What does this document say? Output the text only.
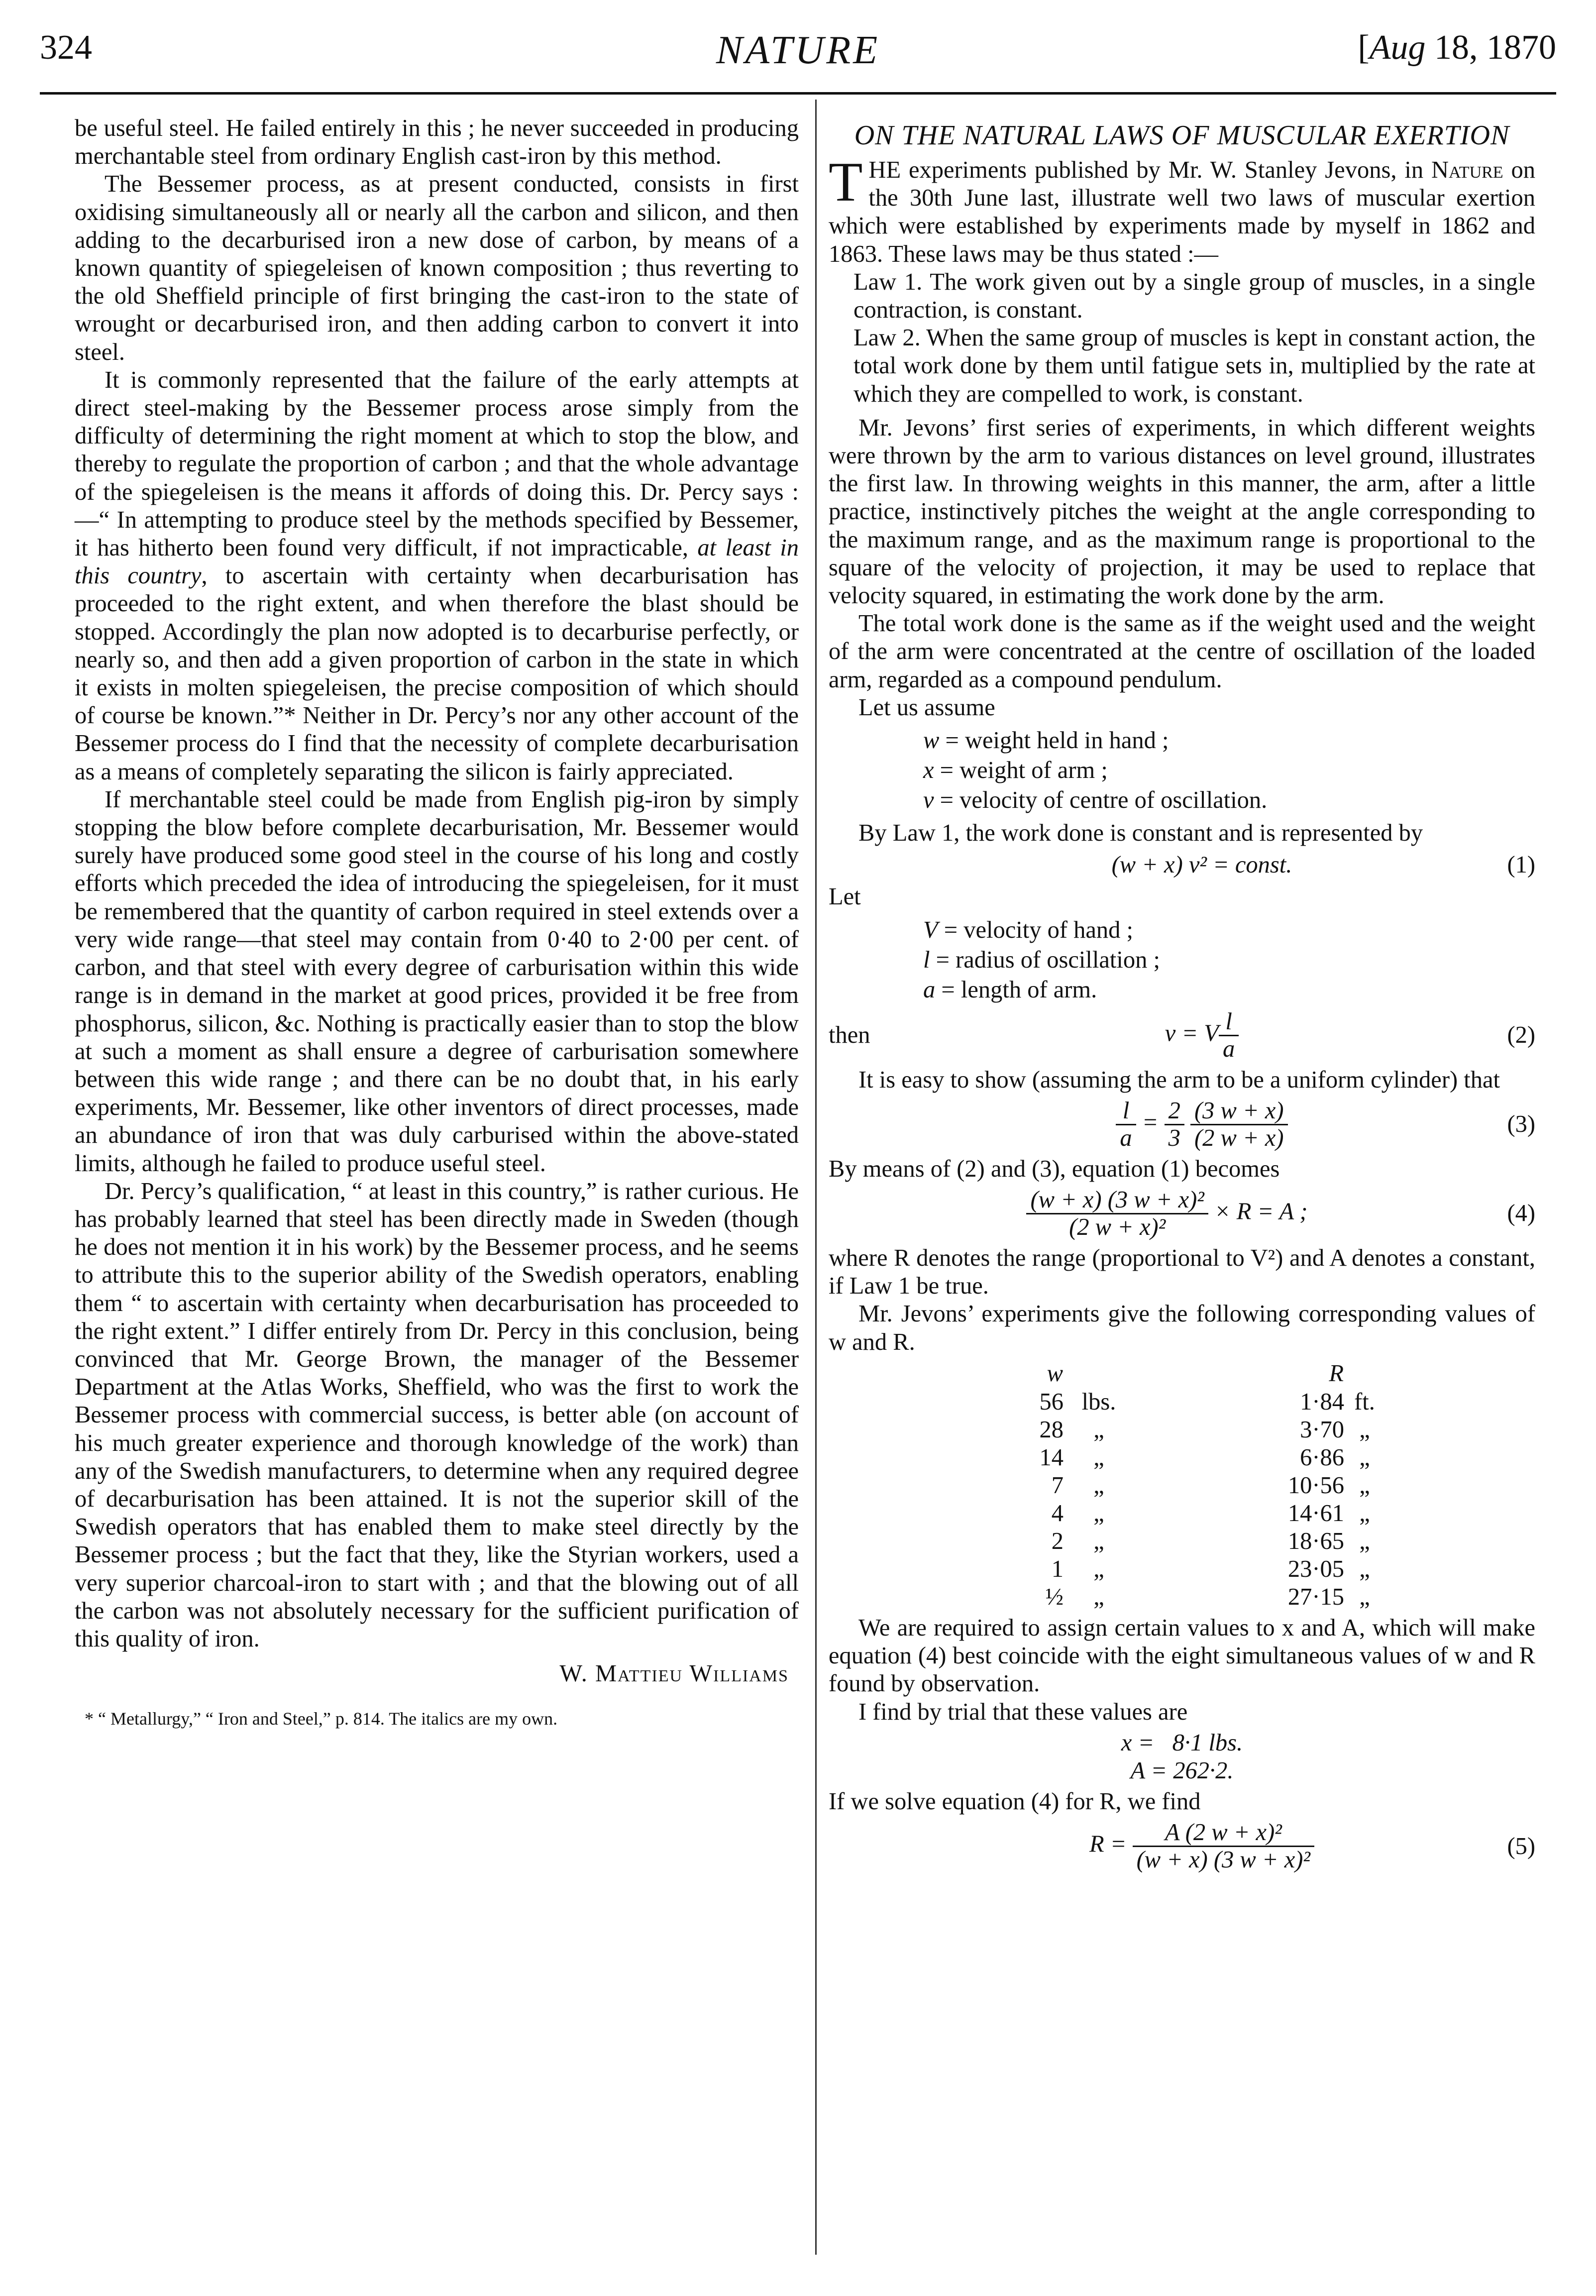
324	NATURE	[Aug 18, 1870

be useful steel. He failed entirely in this ; he never succeeded in producing merchantable steel from ordinary English cast-iron by this method.

The Bessemer process, as at present conducted, consists in first oxidising simultaneously all or nearly all the carbon and silicon, and then adding to the decarburised iron a new dose of carbon, by means of a known quantity of spiegeleisen of known composition ; thus reverting to the old Sheffield principle of first bringing the cast-iron to the state of wrought or decarburised iron, and then adding carbon to convert it into steel.

It is commonly represented that the failure of the early attempts at direct steel-making by the Bessemer process arose simply from the difficulty of determining the right moment at which to stop the blow, and thereby to regulate the proportion of carbon ; and that the whole advantage of the spiegeleisen is the means it affords of doing this. Dr. Percy says :—“ In attempting to produce steel by the methods specified by Bessemer, it has hitherto been found very difficult, if not impracticable, at least in this country, to ascertain with certainty when decarburisation has proceeded to the right extent, and when therefore the blast should be stopped. Accordingly the plan now adopted is to decarburise perfectly, or nearly so, and then add a given proportion of carbon in the state in which it exists in molten spiegeleisen, the precise composition of which should of course be known.”* Neither in Dr. Percy’s nor any other account of the Bessemer process do I find that the necessity of complete decarburisation as a means of completely separating the silicon is fairly appreciated.

If merchantable steel could be made from English pig-iron by simply stopping the blow before complete decarburisation, Mr. Bessemer would surely have produced some good steel in the course of his long and costly efforts which preceded the idea of introducing the spiegeleisen, for it must be remembered that the quantity of carbon required in steel extends over a very wide range—that steel may contain from 0·40 to 2·00 per cent. of carbon, and that steel with every degree of carburisation within this wide range is in demand in the market at good prices, provided it be free from phosphorus, silicon, &c. Nothing is practically easier than to stop the blow at such a moment as shall ensure a degree of carburisation somewhere between this wide range ; and there can be no doubt that, in his early experiments, Mr. Bessemer, like other inventors of direct processes, made an abundance of iron that was duly carburised within the above-stated limits, although he failed to produce useful steel.

Dr. Percy’s qualification, “ at least in this country,” is rather curious. He has probably learned that steel has been directly made in Sweden (though he does not mention it in his work) by the Bessemer process, and he seems to attribute this to the superior ability of the Swedish operators, enabling them “ to ascertain with certainty when decarburisation has proceeded to the right extent.” I differ entirely from Dr. Percy in this conclusion, being convinced that Mr. George Brown, the manager of the Bessemer Department at the Atlas Works, Sheffield, who was the first to work the Bessemer process with commercial success, is better able (on account of his much greater experience and thorough knowledge of the work) than any of the Swedish manufacturers, to determine when any required degree of decarburisation has been attained. It is not the superior skill of the Swedish operators that has enabled them to make steel directly by the Bessemer process ; but the fact that they, like the Styrian workers, used a very superior charcoal-iron to start with ; and that the blowing out of all the carbon was not absolutely necessary for the sufficient purification of this quality of iron.

W. Mattieu Williams
* “ Metallurgy,” “ Iron and Steel,” p. 814. The italics are my own.
ON THE NATURAL LAWS OF MUSCULAR EXERTION

THE experiments published by Mr. W. Stanley Jevons, in Nature on the 30th June last, illustrate well two laws of muscular exertion which were established by experiments made by myself in 1862 and 1863. These laws may be thus stated :—

Law 1. The work given out by a single group of muscles, in a single contraction, is constant.

Law 2. When the same group of muscles is kept in constant action, the total work done by them until fatigue sets in, multiplied by the rate at which they are compelled to work, is constant.

Mr. Jevons’ first series of experiments, in which different weights were thrown by the arm to various distances on level ground, illustrates the first law. In throwing weights in this manner, the arm, after a little practice, instinctively pitches the weight at the angle corresponding to the maximum range, and as the maximum range is proportional to the square of the velocity of projection, it may be used to replace that velocity squared, in estimating the work done by the arm.

The total work done is the same as if the weight used and the weight of the arm were concentrated at the centre of oscillation of the loaded arm, regarded as a compound pendulum.

Let us assume

w = weight held in hand ;
x = weight of arm ;
v = velocity of centre of oscillation.

By Law 1, the work done is constant and is represented by

(w + x) v² = const.	(1)

Let

V = velocity of hand ;
l = radius of oscillation ;
a = length of arm.
then	v = V $\frac{l}{a}$	(2)

It is easy to show (assuming the arm to be a uniform cylinder) that

$\frac{l}{a} = \frac{2}{3}$
$\frac{(3 w + x)}{(2 w + x)}$	(3)

By means of (2) and (3), equation (1) becomes

$\frac{\text{(w + x) (3 w + x)²}}{\text{(2 w + x)²}} \times R = A$ ;	(4)

where R denotes the range (proportional to V²) and A denotes a constant, if Law 1 be true.

Mr. Jevons’ experiments give the following corresponding values of w and R.

w		R	
56	lbs.	1·84	ft.
28	„	3·70	„
14	„	6·86	„
7	„	10·56	„
4	„	14·61	„
2	„	18·65	„
1	„	23·05	„
½	„	27·15	„

We are required to assign certain values to x and A, which will make equation (4) best coincide with the eight simultaneous values of w and R found by observation.

I find by trial that these values are

x =   8·1 lbs.
A = 262·2.

If we solve equation (4) for R, we find

$R = \frac{\text{A (2 w + x)²}}{\text{(w + x) (3 w + x)²}}$	(5)
